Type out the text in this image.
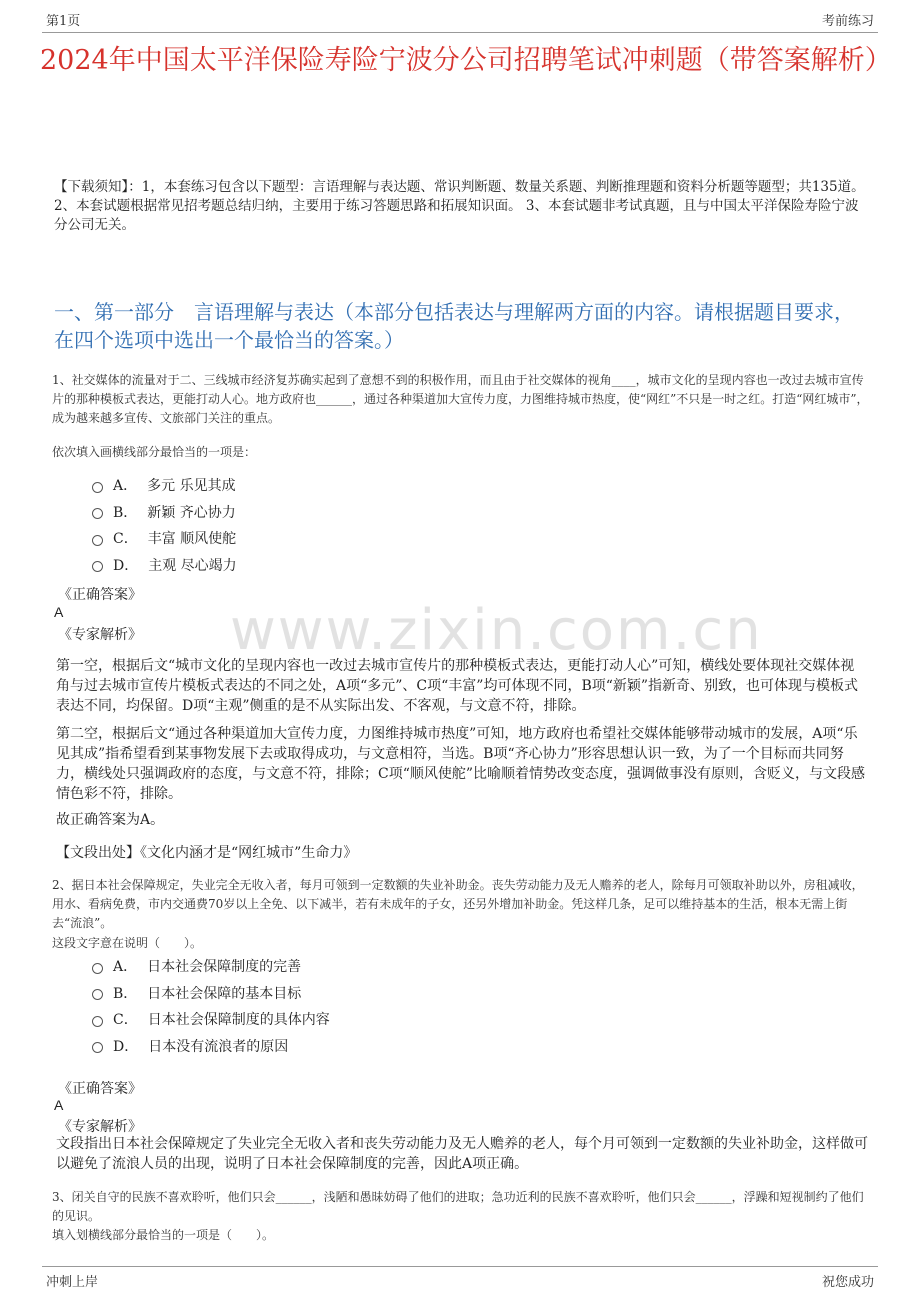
第1页	考前练习
2024年中国太平洋保险寿险宁波分公司招聘笔试冲刺题（带答案解析）
【下载须知】：1，本套练习包含以下题型：言语理解与表达题、常识判断题、数量关系题、判断推理题和资料分析题等题型；共135道。 2、本套试题根据常见招考题总结归纳，主要用于练习答题思路和拓展知识面。 3、本套试题非考试真题，且与中国太平洋保险寿险宁波分公司无关。
一、第一部分　言语理解与表达（本部分包括表达与理解两方面的内容。请根据题目要求，在四个选项中选出一个最恰当的答案。）
www.zixin.com.cn
1、社交媒体的流量对于二、三线城市经济复苏确实起到了意想不到的积极作用，而且由于社交媒体的视角____，城市文化的呈现内容也一改过去城市宣传片的那种模板式表达，更能打动人心。地方政府也______，通过各种渠道加大宣传力度，力图维持城市热度，使“网红”不只是一时之红。打造“网红城市”，成为越来越多宣传、文旅部门关注的重点。
依次填入画横线部分最恰当的一项是：
A． 多元 乐见其成
B． 新颖 齐心协力
C． 丰富 顺风使舵
D． 主观 尽心竭力
《正确答案》
A
《专家解析》
第一空，根据后文“城市文化的呈现内容也一改过去城市宣传片的那种模板式表达，更能打动人心”可知，横线处要体现社交媒体视角与过去城市宣传片模板式表达的不同之处，A项“多元”、C项“丰富”均可体现不同，B项“新颖”指新奇、别致，也可体现与模板式表达不同，均保留。D项“主观”侧重的是不从实际出发、不客观，与文意不符，排除。
第二空，根据后文“通过各种渠道加大宣传力度，力图维持城市热度”可知，地方政府也希望社交媒体能够带动城市的发展，A项“乐见其成”指希望看到某事物发展下去或取得成功，与文意相符，当选。B项“齐心协力”形容思想认识一致，为了一个目标而共同努力，横线处只强调政府的态度，与文意不符，排除；C项“顺风使舵”比喻顺着情势改变态度，强调做事没有原则，含贬义，与文段感情色彩不符，排除。
故正确答案为A。
【文段出处】《文化内涵才是“网红城市”生命力》
2、据日本社会保障规定，失业完全无收入者，每月可领到一定数额的失业补助金。丧失劳动能力及无人赡养的老人，除每月可领取补助以外，房租减收，用水、看病免费，市内交通费70岁以上全免、以下减半，若有未成年的子女，还另外增加补助金。凭这样几条，足可以维持基本的生活，根本无需上街去“流浪”。
这段文字意在说明（　　）。
A． 日本社会保障制度的完善
B． 日本社会保障的基本目标
C． 日本社会保障制度的具体内容
D． 日本没有流浪者的原因
《正确答案》
A
《专家解析》
文段指出日本社会保障规定了失业完全无收入者和丧失劳动能力及无人赡养的老人，每个月可领到一定数额的失业补助金，这样做可以避免了流浪人员的出现，说明了日本社会保障制度的完善，因此A项正确。
3、闭关自守的民族不喜欢聆听，他们只会______，浅陋和愚昧妨碍了他们的进取；急功近利的民族不喜欢聆听，他们只会______，浮躁和短视制约了他们的见识。
填入划横线部分最恰当的一项是（　　）。
冲刺上岸	祝您成功
